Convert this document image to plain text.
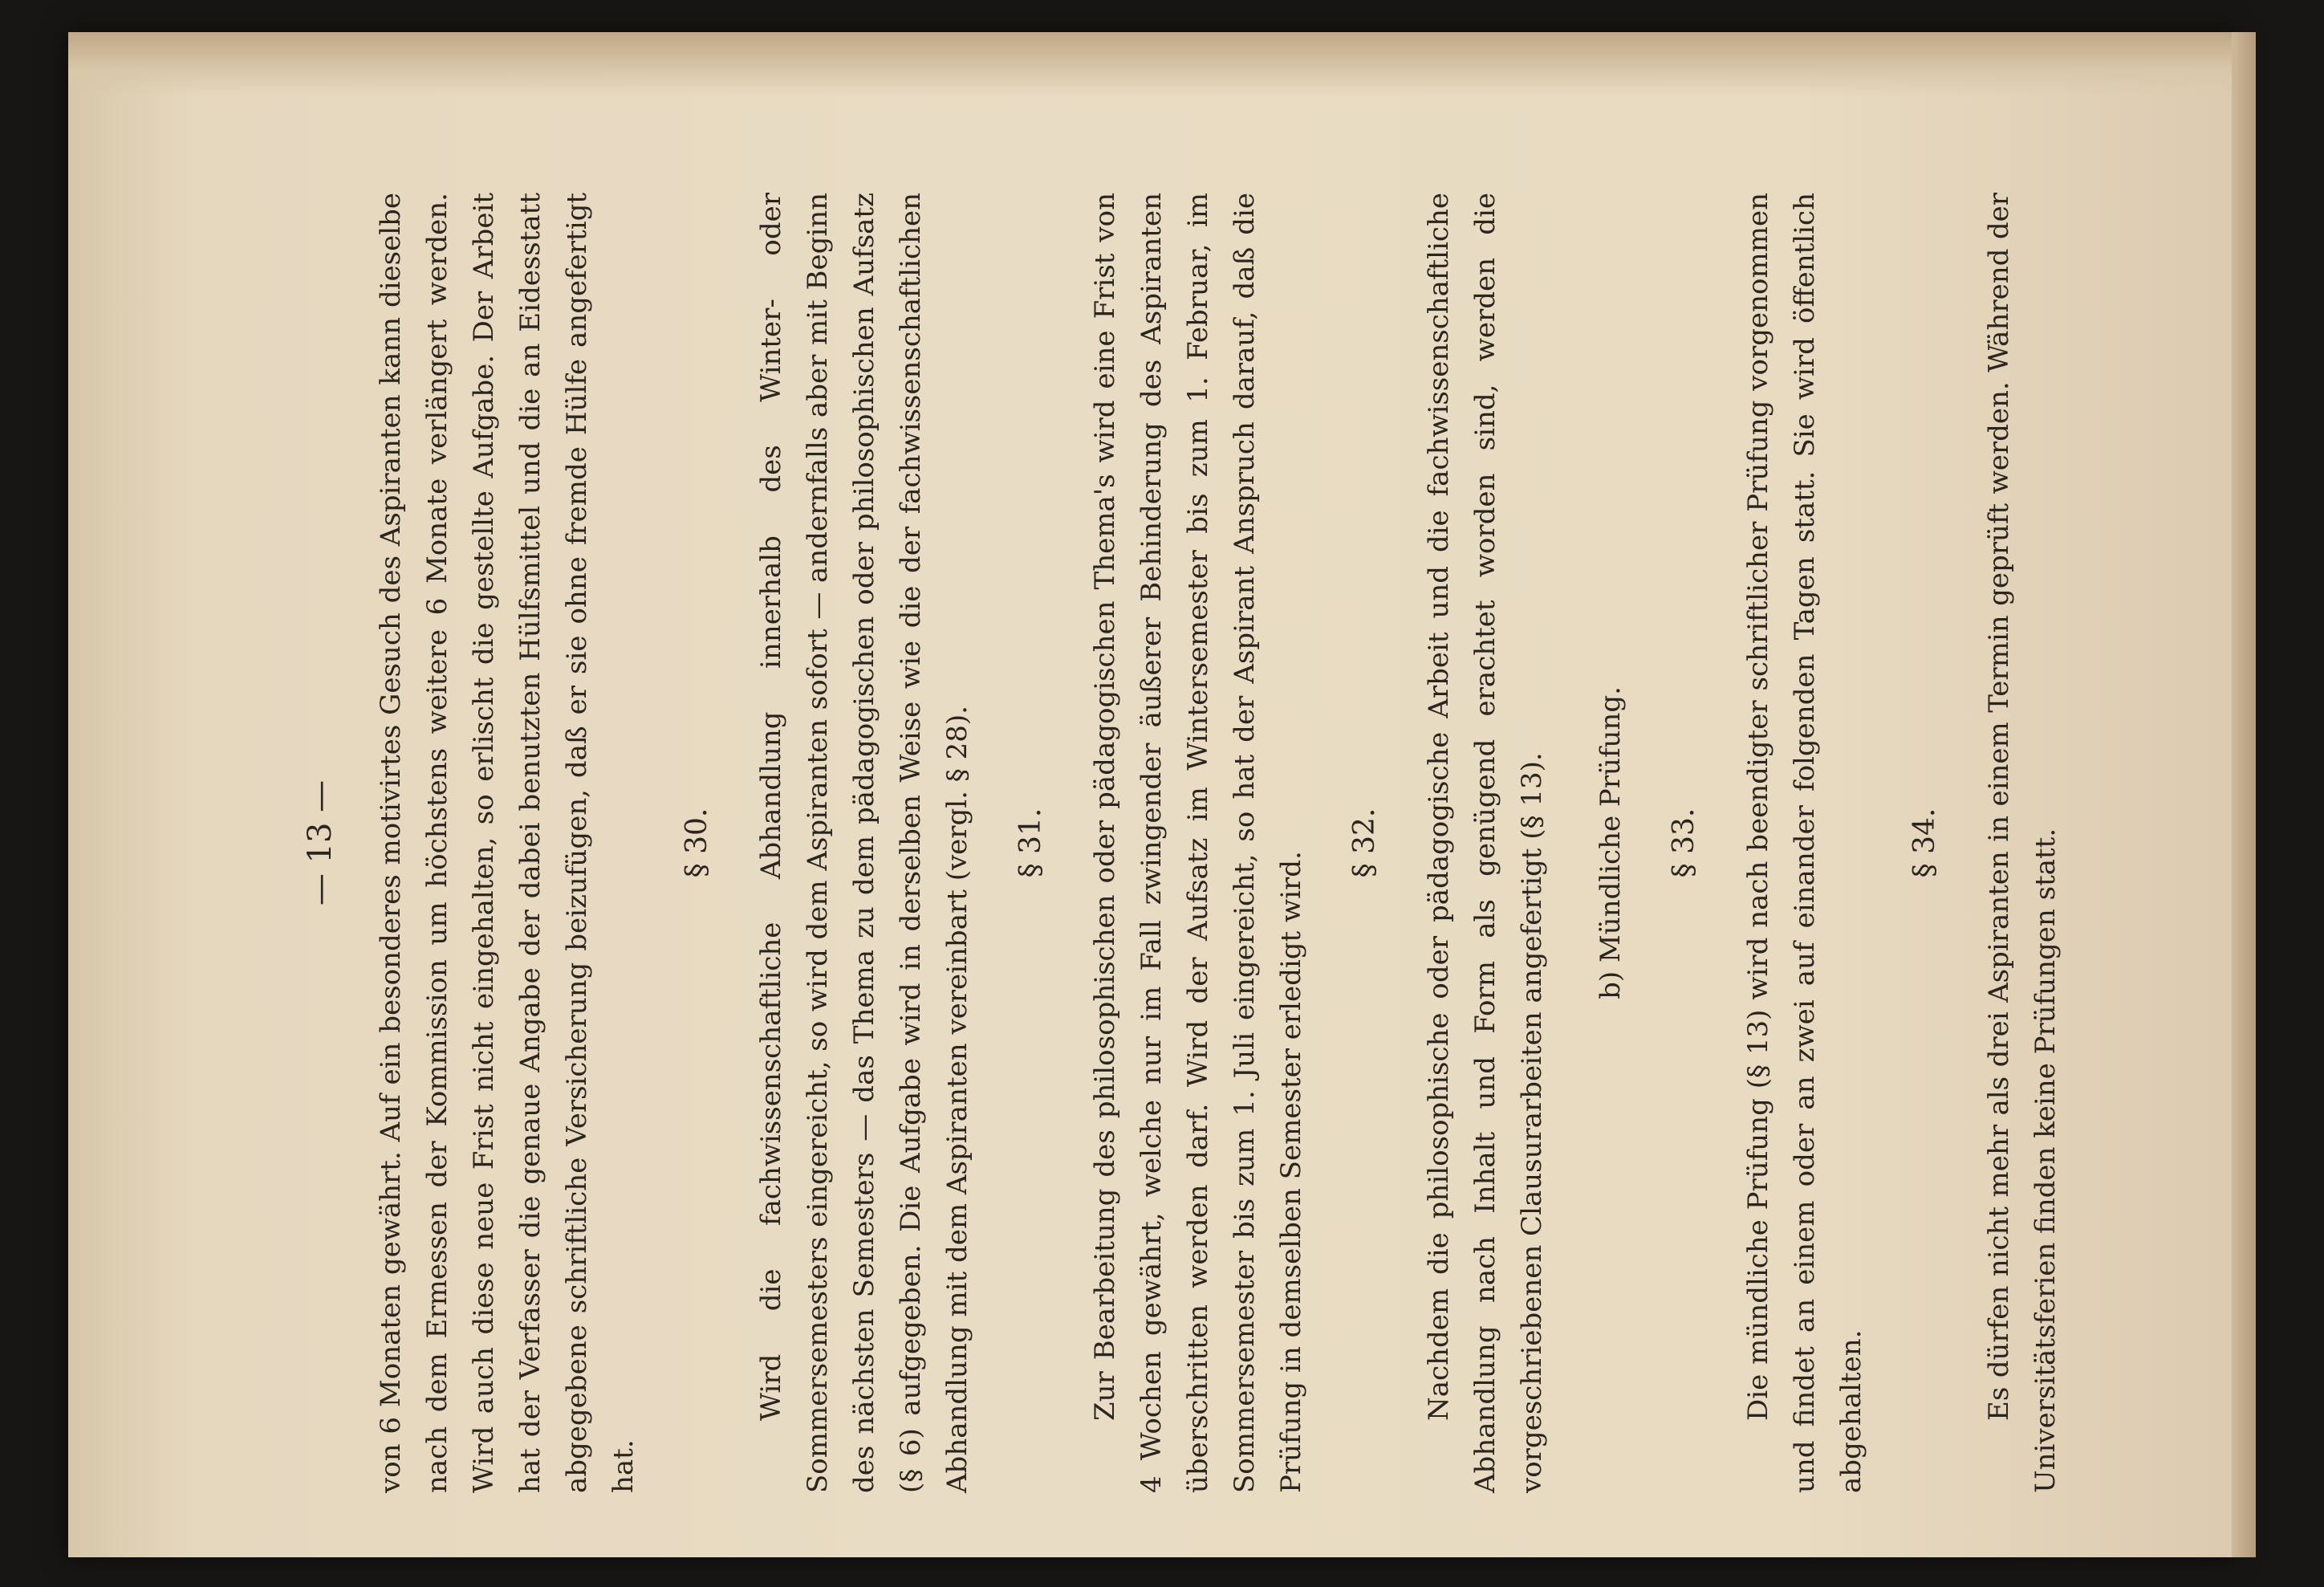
— 13 — von 6 Monaten gewährt. Auf ein besonderes motivirtes Gesuch des Aspiranten kann dieselbe nach dem Ermessen der Kommission um höchstens weitere 6 Monate verlängert werden. Wird auch diese neue Frist nicht eingehalten, so erlischt die gestellte Aufgabe. Der Arbeit hat der Verfasser die genaue Angabe der dabei benutzten Hülfsmittel und die an Eidesstatt abgegebene schriftliche Versicherung beizufügen, daß er sie ohne fremde Hülfe angefertigt hat.

§ 30. Wird die fachwissenschaftliche Abhandlung innerhalb des Winter- oder Sommersemesters eingereicht, so wird dem Aspiranten sofort — andernfalls aber mit Beginn des nächsten Semesters — das Thema zu dem pädagogischen oder philosophischen Aufsatz (§ 6) aufgegeben. Die Aufgabe wird in derselben Weise wie die der fachwissenschaftlichen Abhandlung mit dem Aspiranten vereinbart (vergl. § 28). § 31. Zur Bearbeitung des philosophischen oder pädagogischen Thema's wird eine Frist von 4 Wochen gewährt, welche nur im Fall zwingender äußerer Behinderung des Aspiranten überschritten werden darf. Wird der Aufsatz im Wintersemester bis zum 1. Februar, im Sommersemester bis zum 1. Juli eingereicht, so hat der Aspirant Anspruch darauf, daß die Prüfung in demselben Semester erledigt wird.

§ 32. Nachdem die philosophische oder pädagogische Arbeit und die fachwissenschaftliche Abhandlung nach Inhalt und Form als genügend erachtet worden sind, werden die vorgeschriebenen Clausurarbeiten angefertigt (§ 13). b) Mündliche Prüfung. § 33. Die mündliche Prüfung (§ 13) wird nach beendigter schriftlicher Prüfung vorgenommen und findet an einem oder an zwei auf einander folgenden Tagen statt. Sie wird öffentlich abgehalten.

§ 34. Es dürfen nicht mehr als drei Aspiranten in einem Termin geprüft werden. Während der Universitätsferien finden keine Prüfungen statt.
